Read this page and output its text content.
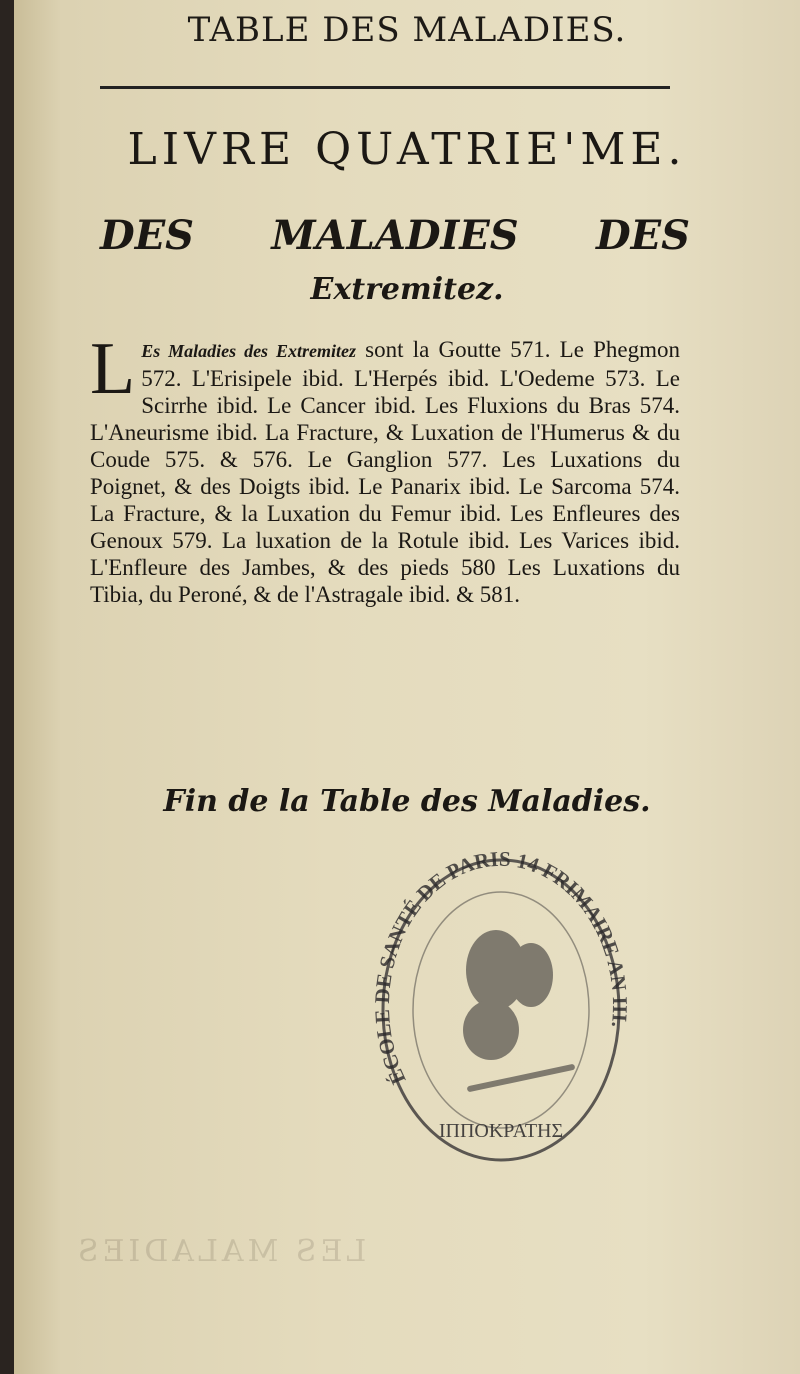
TABLE DES MALADIES.
LIVRE QUATRIE'ME.
DES MALADIES DES
Extremitez.
L Es Maladies des Extremitez sont la Goutte 571. Le Phegmon 572. L'Erisipele ibid. L'Herpés ibid. L'Oedeme 573. Le Scirrhe ibid. Le Cancer ibid. Les Fluxions du Bras 574. L'Aneurisme ibid. La Fracture, & Luxation de l'Humerus & du Coude 575. & 576. Le Ganglion 577. Les Luxations du Poignet, & des Doigts ibid. Le Panarix ibid. Le Sarcoma 574. La Fracture, & la Luxation du Femur ibid. Les Enfleures des Genoux 579. La luxation de la Rotule ibid. Les Varices ibid. L'Enfleure des Jambes, & des pieds 580 Les Luxations du Tibia, du Peroné, & de l'Astragale ibid. & 581.
Fin de la Table des Maladies.
ÉCOLE DE SANTÉ DE PARIS 14 FRIMAIRE AN III.
ΙΠΠΟΚΡΑΤΗΣ
LES MALADIES
